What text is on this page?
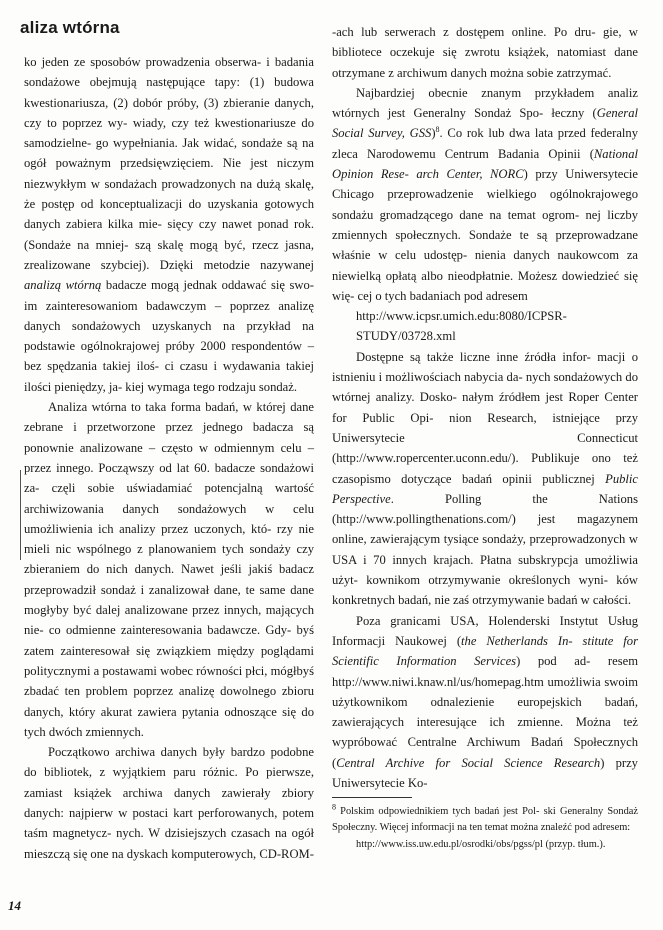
aliza wtórna

ko jeden ze sposobów prowadzenia obserwa- i badania sondażowe obejmują następujące tapy: (1) budowa kwestionariusza, (2) dobór próby, (3) zbieranie danych, czy to poprzez wy- wiady, czy też kwestionariusze do samodzielne- go wypełniania. Jak widać, sondaże są na ogół poważnym przedsięwzięciem. Nie jest niczym niezwykłym w sondażach prowadzonych na dużą skalę, że postęp od konceptualizacji do uzyskania gotowych danych zabiera kilka mie- sięcy czy nawet ponad rok. (Sondaże na mniej- szą skalę mogą być, rzecz jasna, zrealizowane szybciej). Dzięki metodzie nazywanej analizą wtórną badacze mogą jednak oddawać się swo- im zainteresowaniom badawczym – poprzez analizę danych sondażowych uzyskanych na przykład na podstawie ogólnokrajowej próby 2000 respondentów – bez spędzania takiej iloś- ci czasu i wydawania takiej ilości pieniędzy, ja- kiej wymaga tego rodzaju sondaż.

Analiza wtórna to taka forma badań, w której dane zebrane i przetworzone przez jednego badacza są ponownie analizowane – często w odmiennym celu – przez innego. Począwszy od lat 60. badacze sondażowi za- częli sobie uświadamiać potencjalną wartość archiwizowania danych sondażowych w celu umożliwienia ich analizy przez uczonych, któ- rzy nie mieli nic wspólnego z planowaniem tych sondaży czy zbieraniem do nich danych. Nawet jeśli jakiś badacz przeprowadził sondaż i zanalizował dane, te same dane mogłyby być dalej analizowane przez innych, mających nie- co odmienne zainteresowania badawcze. Gdy- byś zatem zainteresował się związkiem między poglądami politycznymi a postawami wobec równości płci, mógłbyś zbadać ten problem poprzez analizę dowolnego zbioru danych, który akurat zawiera pytania odnoszące się do tych dwóch zmiennych.

Początkowo archiwa danych były bardzo podobne do bibliotek, z wyjątkiem paru różnic. Po pierwsze, zamiast książek archiwa danych zawierały zbiory danych: najpierw w postaci kart perforowanych, potem taśm magnetycz- nych. W dzisiejszych czasach na ogół mieszczą się one na dyskach komputerowych, CD-ROM-

-ach lub serwerach z dostępem online. Po dru- gie, w bibliotece oczekuje się zwrotu książek, natomiast dane otrzymane z archiwum danych można sobie zatrzymać.

Najbardziej obecnie znanym przykładem analiz wtórnych jest Generalny Sondaż Spo- łeczny (General Social Survey, GSS)$^8$. Co rok lub dwa lata przed federalny zleca Narodowemu Centrum Badania Opinii (National Opinion Rese- arch Center, NORC) przy Uniwersytecie Chicago przeprowadzenie wielkiego ogólnokrajowego sondażu gromadzącego dane na temat ogrom- nej liczby zmiennych społecznych. Sondaże te są przeprowadzane właśnie w celu udostęp- nienia danych naukowcom za niewielką opłatą albo nieodpłatnie. Możesz dowiedzieć się wię- cej o tych badaniach pod adresem

http://www.icpsr.umich.edu:8080/ICPSR- STUDY/03728.xml

Dostępne są także liczne inne źródła infor- macji o istnieniu i możliwościach nabycia da- nych sondażowych do wtórnej analizy. Dosko- nałym źródłem jest Roper Center for Public Opi- nion Research, istniejące przy Uniwersytecie Connecticut (http://www.ropercenter.uconn.edu/). Publikuje ono też czasopismo dotyczące badań opinii publicznej Public Perspective. Polling the Nations (http://www.pollingthenations.com/) jest magazynem online, zawierającym tysiące sondaży, przeprowadzonych w USA i 70 innych krajach. Płatna subskrypcja umożliwia użyt- kownikom otrzymywanie określonych wyni- ków konkretnych badań, nie zaś otrzymywanie badań w całości.

Poza granicami USA, Holenderski Instytut Usług Informacji Naukowej (the Netherlands In- stitute for Scientific Information Services) pod ad- resem http://www.niwi.knaw.nl/us/homepag.htm umożliwia swoim użytkownikom odnalezienie europejskich badań, zawierających interesujące ich zmienne. Można też wypróbować Centralne Archiwum Badań Społecznych (Central Archive for Social Science Research) przy Uniwersytecie Ko-

$^8$ Polskim odpowiednikiem tych badań jest Pol- ski Generalny Sondaż Społeczny. Więcej informacji na ten temat można znaleźć pod adresem:

http://www.iss.uw.edu.pl/osrodki/obs/pgss/pl (przyp. tłum.).
14
